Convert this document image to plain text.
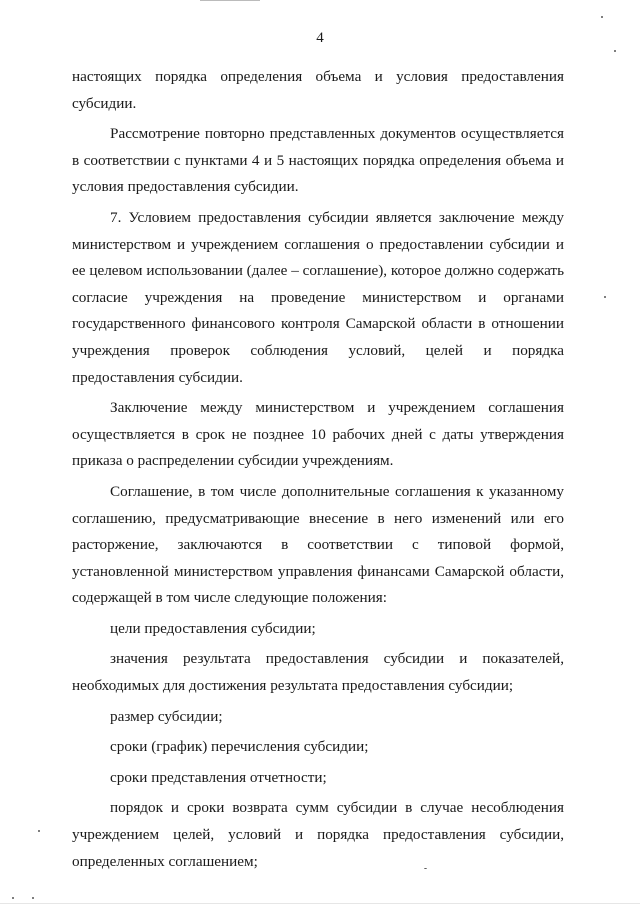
4

настоящих порядка определения объема и условия предоставления субсидии.

Рассмотрение повторно представленных документов осуществляется в соответствии с пунктами 4 и 5 настоящих порядка определения объема и условия предоставления субсидии.

7. Условием предоставления субсидии является заключение между министерством и учреждением соглашения о предоставлении субсидии и ее целевом использовании (далее – соглашение), которое должно содержать согласие учреждения на проведение министерством и органами государственного финансового контроля Самарской области в отношении учреждения проверок соблюдения условий, целей и порядка предоставления субсидии.

Заключение между министерством и учреждением соглашения осуществляется в срок не позднее 10 рабочих дней с даты утверждения приказа о распределении субсидии учреждениям.

Соглашение, в том числе дополнительные соглашения к указанному соглашению, предусматривающие внесение в него изменений или его расторжение, заключаются в соответствии с типовой формой, установленной министерством управления финансами Самарской области, содержащей в том числе следующие положения:

цели предоставления субсидии;

значения результата предоставления субсидии и показателей, необходимых для достижения результата предоставления субсидии;

размер субсидии;

сроки (график) перечисления субсидии;

сроки представления отчетности;

порядок и сроки возврата сумм субсидии в случае несоблюдения учреждением целей, условий и порядка предоставления субсидии, определенных соглашением;
